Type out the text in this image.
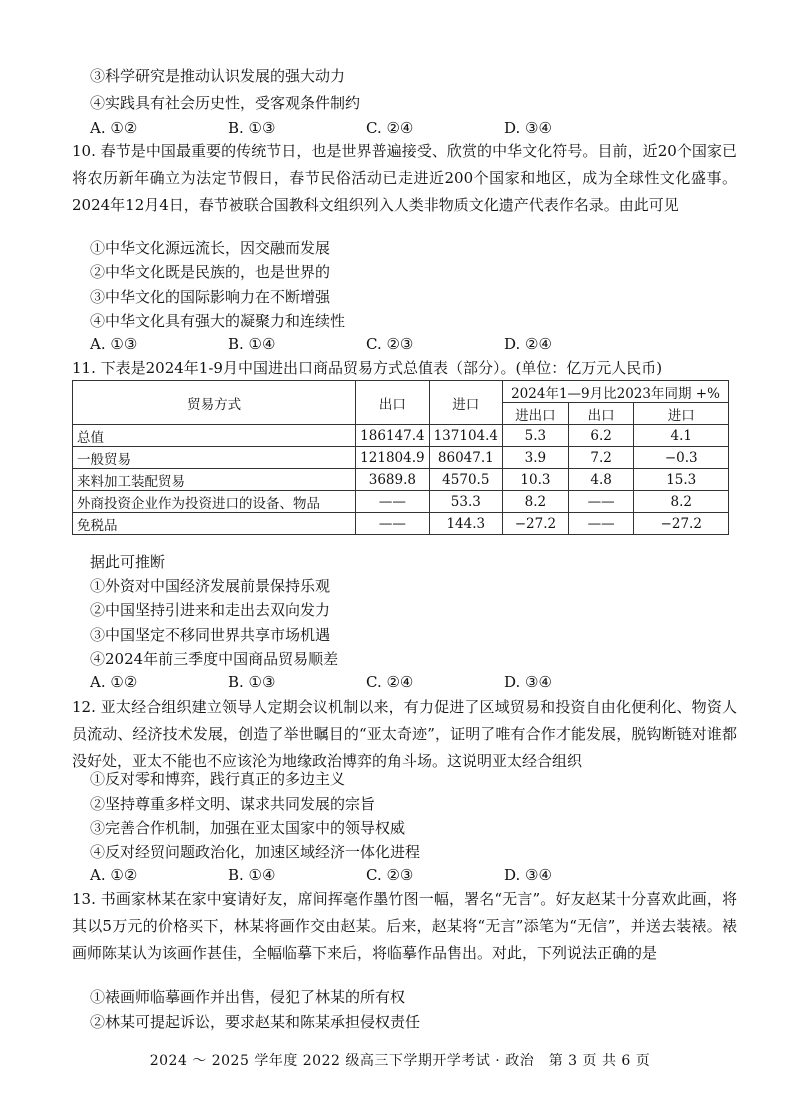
③科学研究是推动认识发展的强大动力
④实践具有社会历史性，受客观条件制约
A. ①②	B. ①③	C. ②④	D. ③④
10. 春节是中国最重要的传统节日，也是世界普遍接受、欣赏的中华文化符号。目前，近20个国家已将农历新年确立为法定节假日，春节民俗活动已走进近200个国家和地区，成为全球性文化盛事。2024年12月4日，春节被联合国教科文组织列入人类非物质文化遗产代表作名录。由此可见
①中华文化源远流长，因交融而发展
②中华文化既是民族的，也是世界的
③中华文化的国际影响力在不断增强
④中华文化具有强大的凝聚力和连续性
A. ①③	B. ①④	C. ②③	D. ②④
11. 下表是2024年1-9月中国进出口商品贸易方式总值表（部分）。(单位：亿万元人民币)
贸易方式	出口	进口	2024年1—9月比2023年同期 +%		
			进出口	出口	进口
总值	186147.4	137104.4	5.3	6.2	4.1
一般贸易	121804.9	86047.1	3.9	7.2	−0.3
来料加工装配贸易	3689.8	4570.5	10.3	4.8	15.3
外商投资企业作为投资进口的设备、物品	——	53.3	8.2	——	8.2
免税品	——	144.3	−27.2	——	−27.2
据此可推断
①外资对中国经济发展前景保持乐观
②中国坚持引进来和走出去双向发力
③中国坚定不移同世界共享市场机遇
④2024年前三季度中国商品贸易顺差
A. ①②	B. ①③	C. ②④	D. ③④
12. 亚太经合组织建立领导人定期会议机制以来，有力促进了区域贸易和投资自由化便利化、物资人员流动、经济技术发展，创造了举世瞩目的“亚太奇迹”，证明了唯有合作才能发展，脱钩断链对谁都没好处，亚太不能也不应该沦为地缘政治博弈的角斗场。这说明亚太经合组织
①反对零和博弈，践行真正的多边主义
②坚持尊重多样文明、谋求共同发展的宗旨
③完善合作机制，加强在亚太国家中的领导权威
④反对经贸问题政治化，加速区域经济一体化进程
A. ①②	B. ①④	C. ②③	D. ③④
13. 书画家林某在家中宴请好友，席间挥毫作墨竹图一幅，署名“无言”。好友赵某十分喜欢此画，将其以5万元的价格买下，林某将画作交由赵某。后来，赵某将“无言”添笔为“无信”，并送去装裱。裱画师陈某认为该画作甚佳，全幅临摹下来后，将临摹作品售出。对此，下列说法正确的是
①裱画师临摹画作并出售，侵犯了林某的所有权
②林某可提起诉讼，要求赵某和陈某承担侵权责任
2024 ～ 2025 学年度 2022 级高三下学期开学考试 · 政治　第 3 页 共 6 页
